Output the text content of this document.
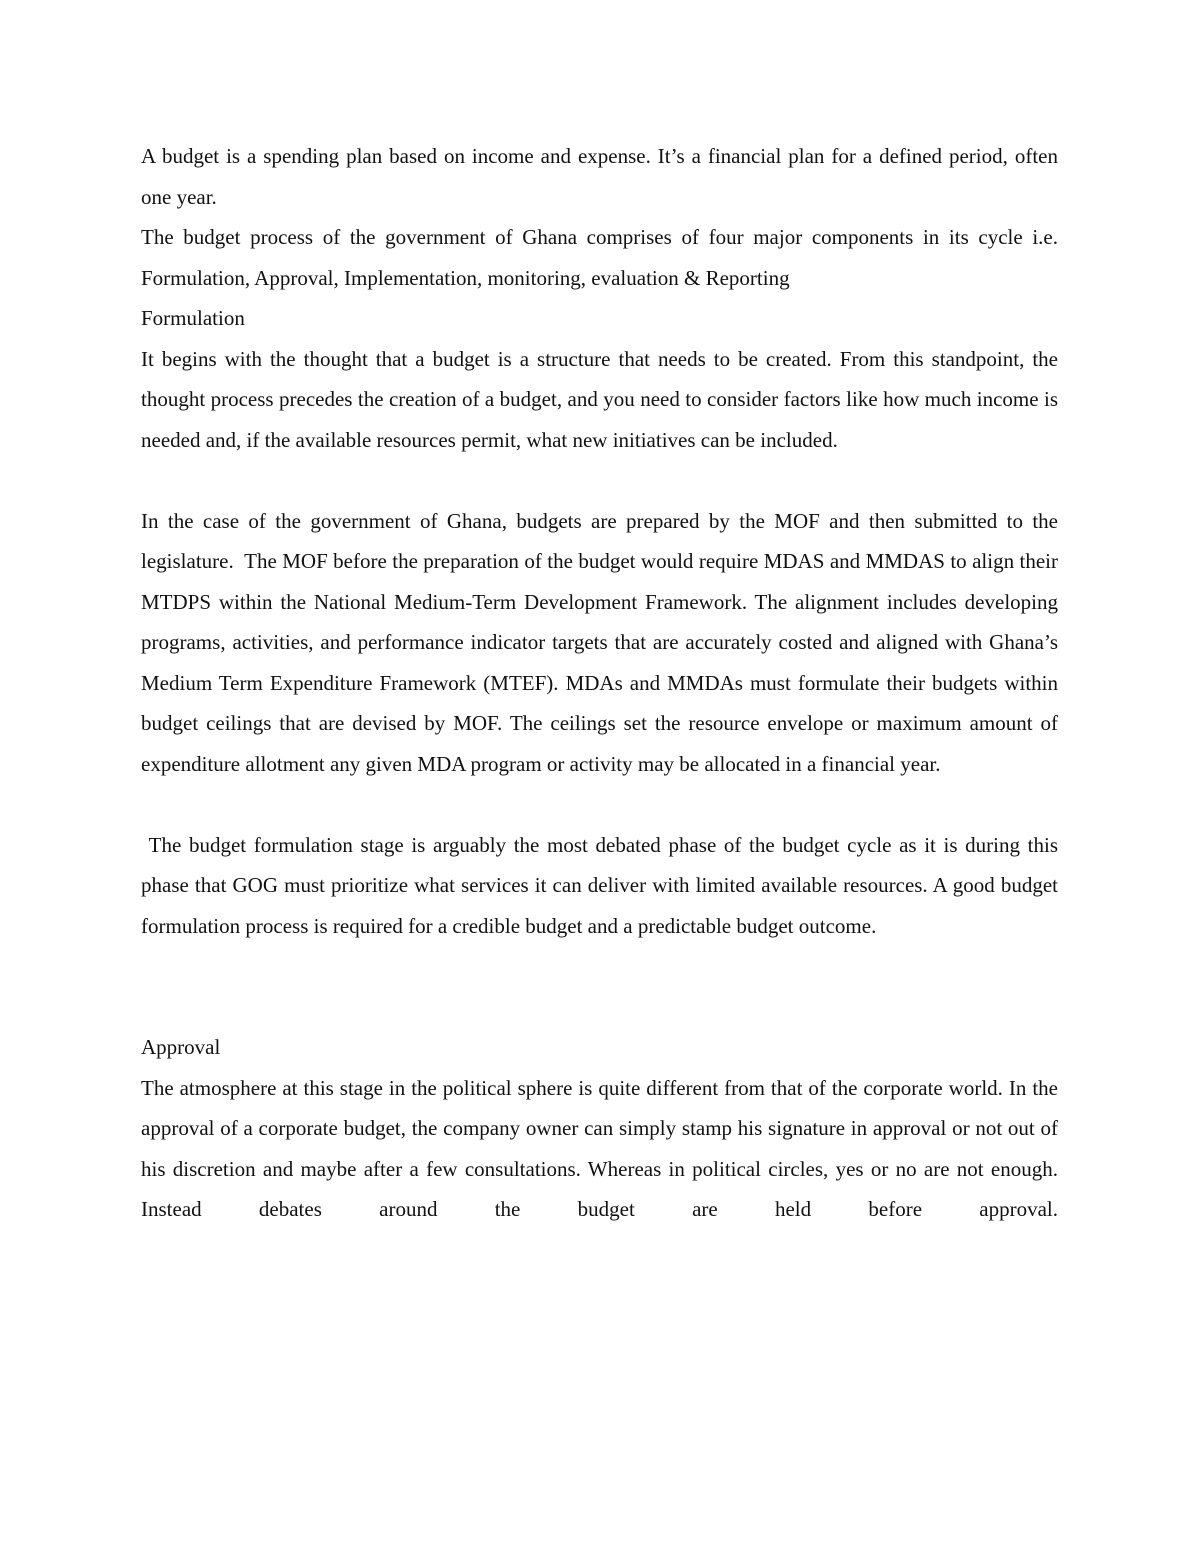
A budget is a spending plan based on income and expense. It’s a financial plan for a defined period, often one year.

The budget process of the government of Ghana comprises of four major components in its cycle i.e. Formulation, Approval, Implementation, monitoring, evaluation & Reporting

Formulation

It begins with the thought that a budget is a structure that needs to be created. From this standpoint, the thought process precedes the creation of a budget, and you need to consider factors like how much income is needed and, if the available resources permit, what new initiatives can be included.

In the case of the government of Ghana, budgets are prepared by the MOF and then submitted to the legislature.  The MOF before the preparation of the budget would require MDAS and MMDAS to align their MTDPS within the National Medium-Term Development Framework. The alignment includes developing programs, activities, and performance indicator targets that are accurately costed and aligned with Ghana’s Medium Term Expenditure Framework (MTEF). MDAs and MMDAs must formulate their budgets within budget ceilings that are devised by MOF. The ceilings set the resource envelope or maximum amount of expenditure allotment any given MDA program or activity may be allocated in a financial year.

The budget formulation stage is arguably the most debated phase of the budget cycle as it is during this phase that GOG must prioritize what services it can deliver with limited available resources. A good budget formulation process is required for a credible budget and a predictable budget outcome.

Approval

The atmosphere at this stage in the political sphere is quite different from that of the corporate world. In the approval of a corporate budget, the company owner can simply stamp his signature in approval or not out of his discretion and maybe after a few consultations. Whereas in political circles, yes or no are not enough. Instead debates around the budget are held before approval.
